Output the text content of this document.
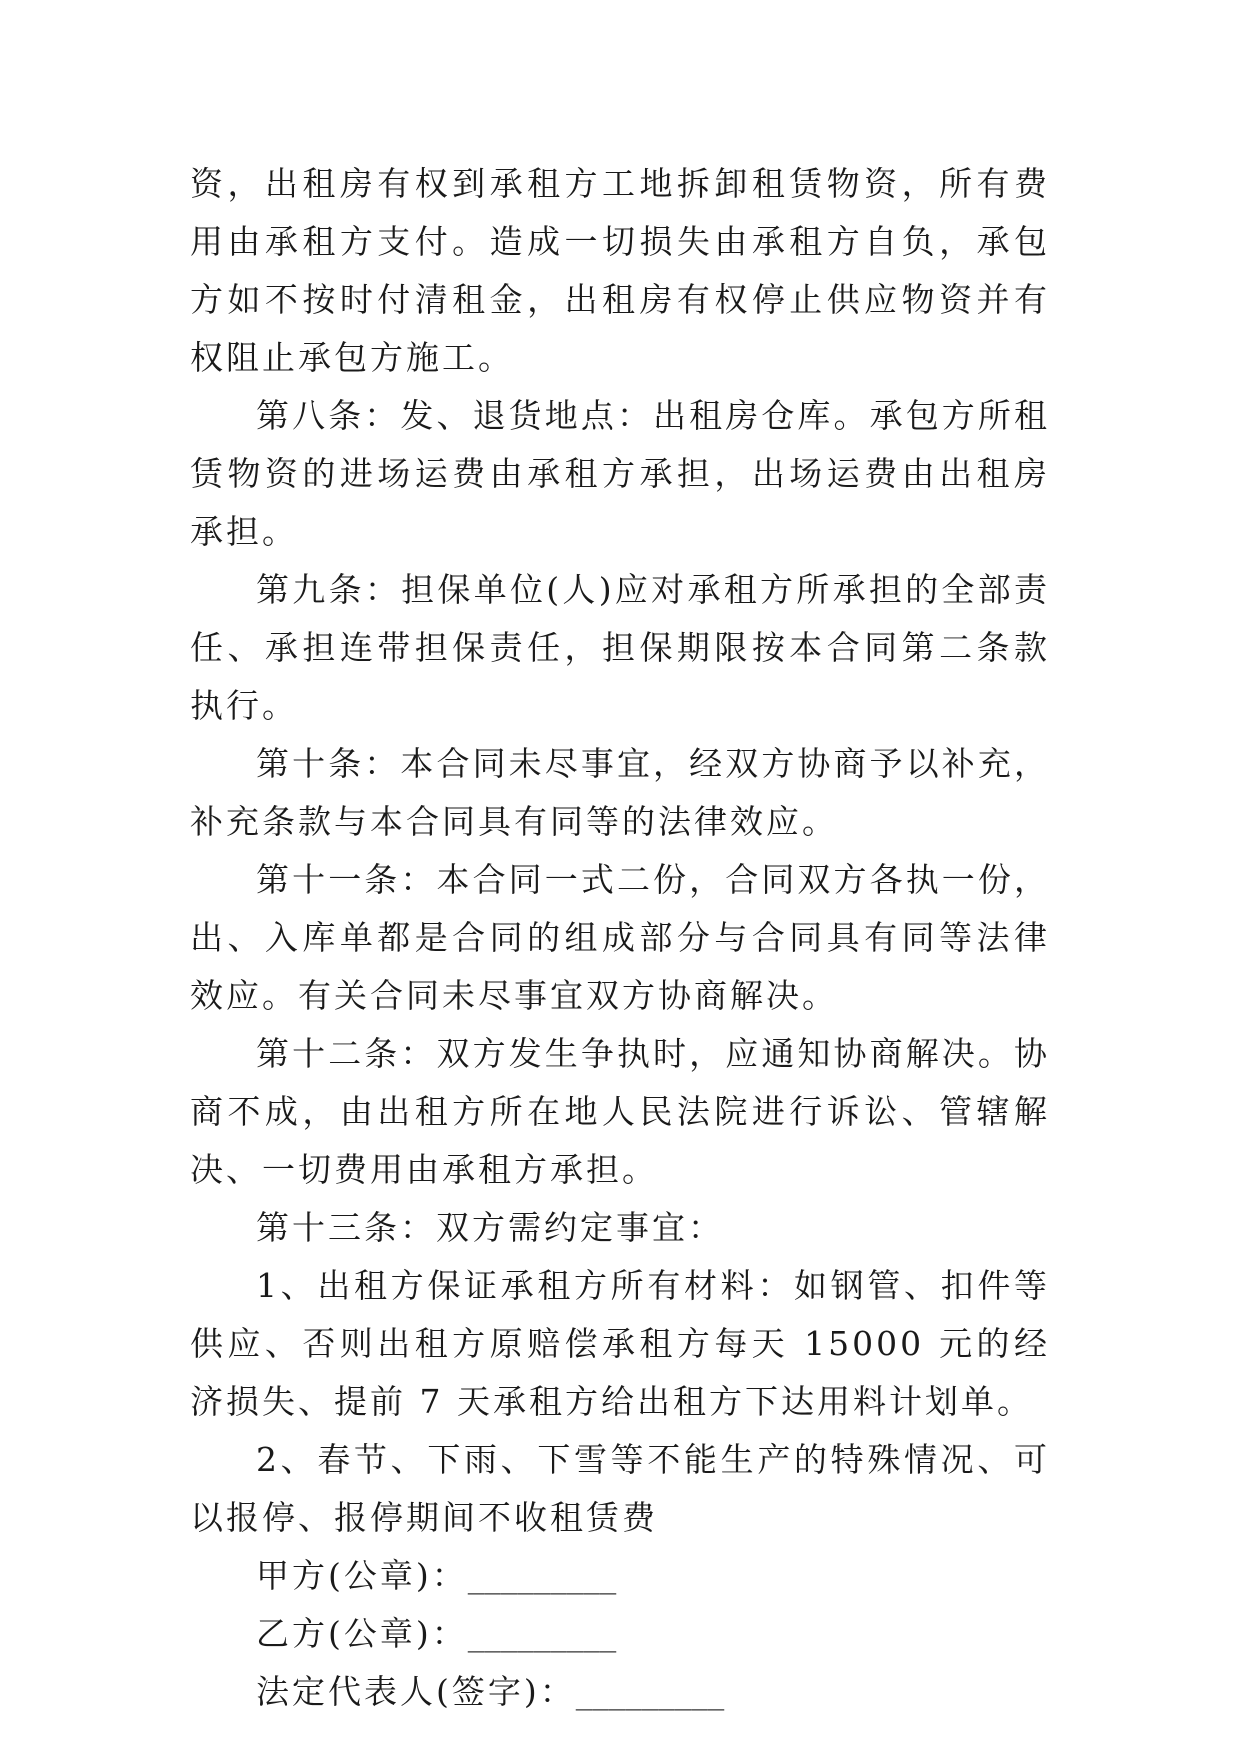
资，出租房有权到承租方工地拆卸租赁物资，所有费用由承租方支付。造成一切损失由承租方自负，承包方如不按时付清租金，出租房有权停止供应物资并有权阻止承包方施工。

第八条：发、退货地点：出租房仓库。承包方所租赁物资的进场运费由承租方承担，出场运费由出租房承担。

第九条：担保单位(人)应对承租方所承担的全部责任、承担连带担保责任，担保期限按本合同第二条款执行。

第十条：本合同未尽事宜，经双方协商予以补充，补充条款与本合同具有同等的法律效应。

第十一条：本合同一式二份，合同双方各执一份，出、入库单都是合同的组成部分与合同具有同等法律效应。有关合同未尽事宜双方协商解决。

第十二条：双方发生争执时，应通知协商解决。协商不成，由出租方所在地人民法院进行诉讼、管辖解决、一切费用由承租方承担。

第十三条：双方需约定事宜：

1、出租方保证承租方所有材料：如钢管、扣件等供应、否则出租方原赔偿承租方每天 15000 元的经济损失、提前 7 天承租方给出租方下达用料计划单。

2、春节、下雨、下雪等不能生产的特殊情况、可以报停、报停期间不收租赁费

甲方(公章)：_________

乙方(公章)：_________

法定代表人(签字)：_________
